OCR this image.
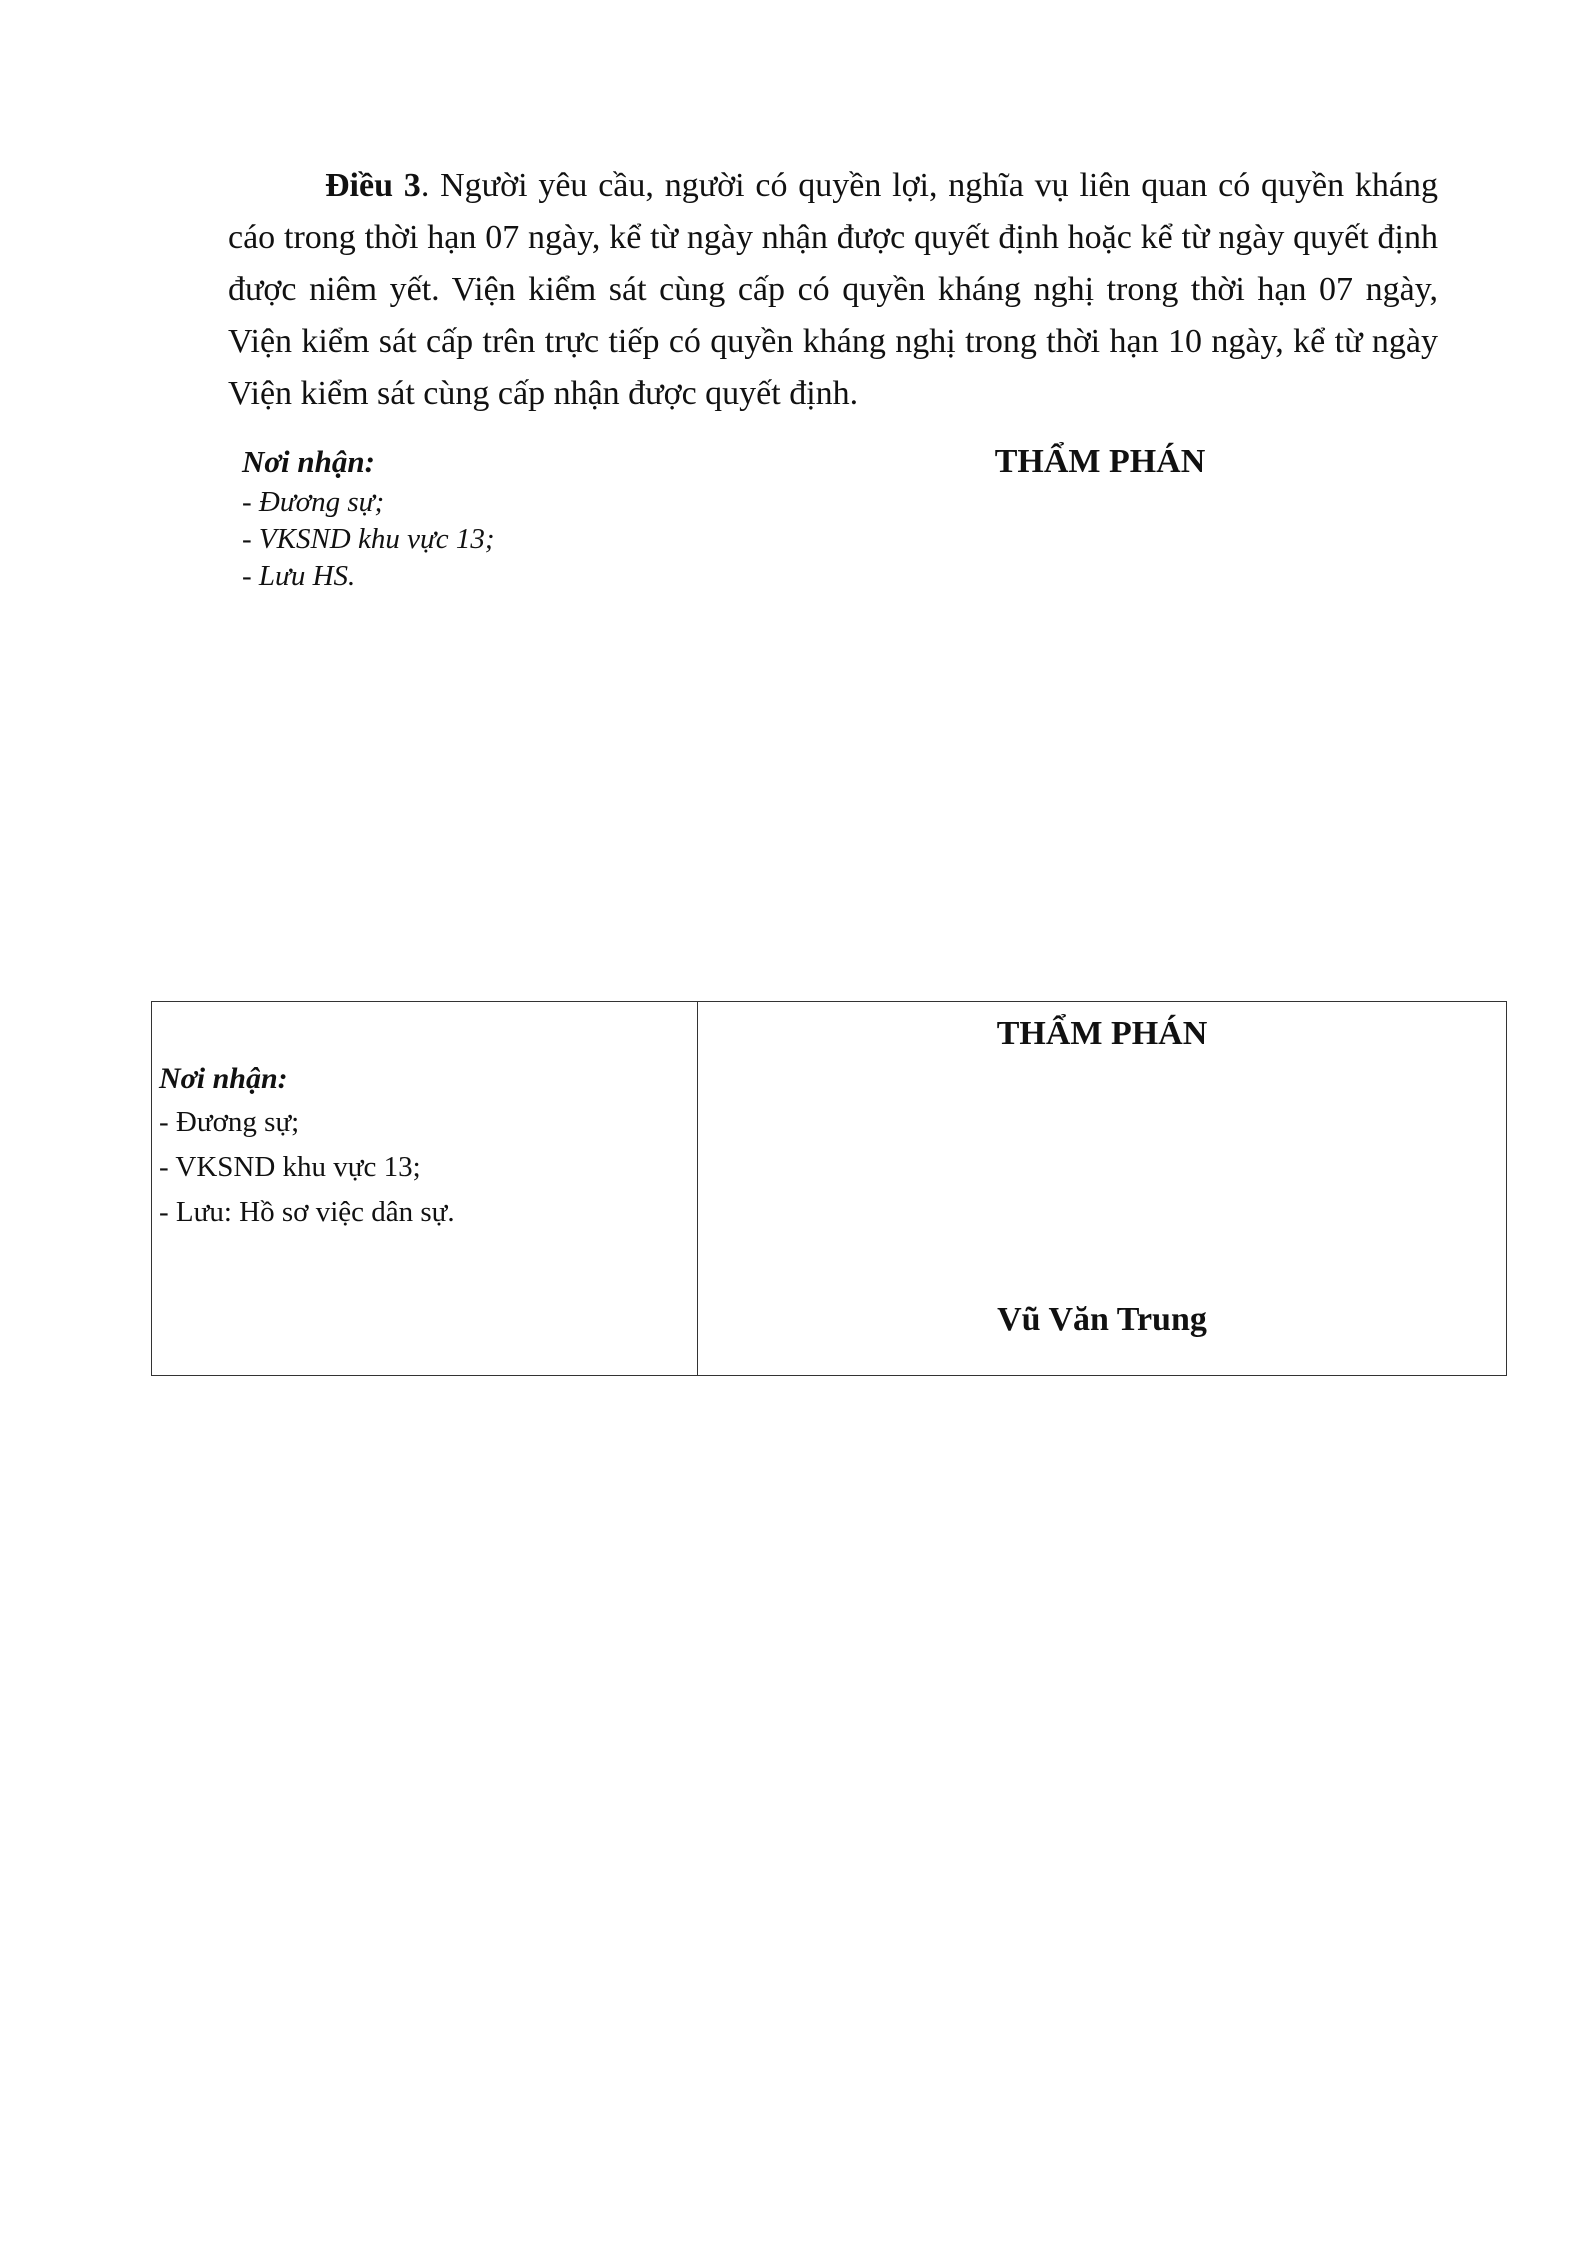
Điều 3. Người yêu cầu, người có quyền lợi, nghĩa vụ liên quan có quyền kháng cáo trong thời hạn 07 ngày, kể từ ngày nhận được quyết định hoặc kể từ ngày quyết định được niêm yết. Viện kiểm sát cùng cấp có quyền kháng nghị trong thời hạn 07 ngày, Viện kiểm sát cấp trên trực tiếp có quyền kháng nghị trong thời hạn 10 ngày, kể từ ngày Viện kiểm sát cùng cấp nhận được quyết định.

Nơi nhận:
- Đương sự;
- VKSND khu vực 13;
- Lưu HS.
THẨM PHÁN
Nơi nhận:
- Đương sự;
- VKSND khu vực 13;
- Lưu: Hồ sơ việc dân sự.

THẨM PHÁN
Vũ Văn Trung
